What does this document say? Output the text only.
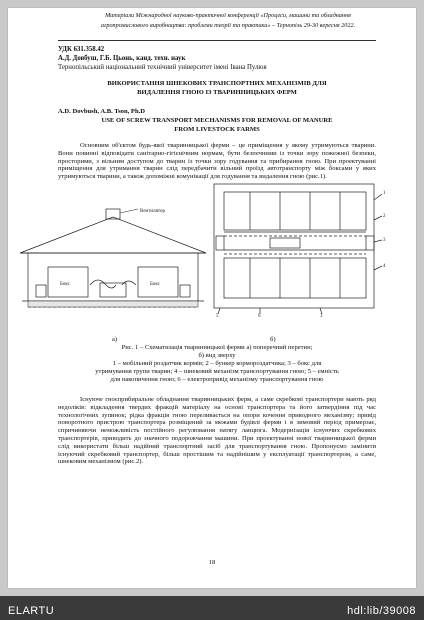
Матеріали Міжнародної науково-практичної конференції «Процеси, машини та обладнання
агропромислового виробництва: проблеми теорії та практики» – Тернопіль 29-30 вересня 2022.
УДК 631.358.42
А.Д. Довбуш, Г.Б. Цьонь, канд. техн. наук
Тернопільський національний технічний університет імені Івана Пулюя
ВИКОРИСТАННЯ ШНЕКОВИХ ТРАНСПОРТНИХ МЕХАНІЗМІВ ДЛЯ
ВИДАЛЕННЯ ГНОЮ ІЗ ТВАРИННИЦЬКИХ ФЕРМ
A.D. Dovbush, A.B. Tson, Ph.D
USE OF SCREW TRANSPORT MECHANISMS FOR REMOVAL OF MANURE
FROM LIVESTOCK FARMS
Основним об'єктом будь-якої тваринницької ферми – це приміщення у якому утримуються тварини. Вони повинні відповідати санітарно-гігієнічним нормам, бути безпечними із точки зору пожежної безпеки, просторими, з вільним доступом до тварин із точки зору годування та прибирання гною. При проектуванні приміщення для утримання тварин слід передбачити вільний проїзд автотранспорту між боксами у яких утримуються тварини, а також допоміжні комунікації для годування та видалення гною (рис.1).
Вентилятор
Бокс	Бокс
1
2
3
4
5	6	3
а)	б)
Рис. 1 – Схематизація тваринницької ферми а) поперечний перетин;
б) вид зверху
1 – мобільний роздатчик кормів; 2 – бункер кормороздатчика; 3 – бокс для
утримування групи тварин; 4 – шнековий механізм транспортування гною; 5 – ємність
для накопичення гною; 6 – електропривід механізму транспортування гною
Існуюче гноєприбиральне обладнання тваринницьких ферм, а саме скребкові транспортери мають ряд недоліків: відкладення твердих фракцій матеріалу на основі транспортера та його затвердіння під час технологічних зупинок; рідка фракція гною переливається на опори кочення приводного механізму; привід поворотного пристрою транспортера розміщений за межами будівлі ферми і в зимовий період примерзає, спричиняючи неможливість постійного регулювання натягу ланцюга. Модернізація існуючих скребкових транспортерів, приводить до значного подорожчання машини. При проектуванні нової тваринницької ферми слід використати більш надійний транспортний засіб для транспортування гною. Пропонуємо замінити існуючий скребковий транспортер, більш простішим та надійнішим у експлуатації транспортером, а саме, шнековим механізмом (рис.2).
18
ELARTU	hdl:lib/39008
